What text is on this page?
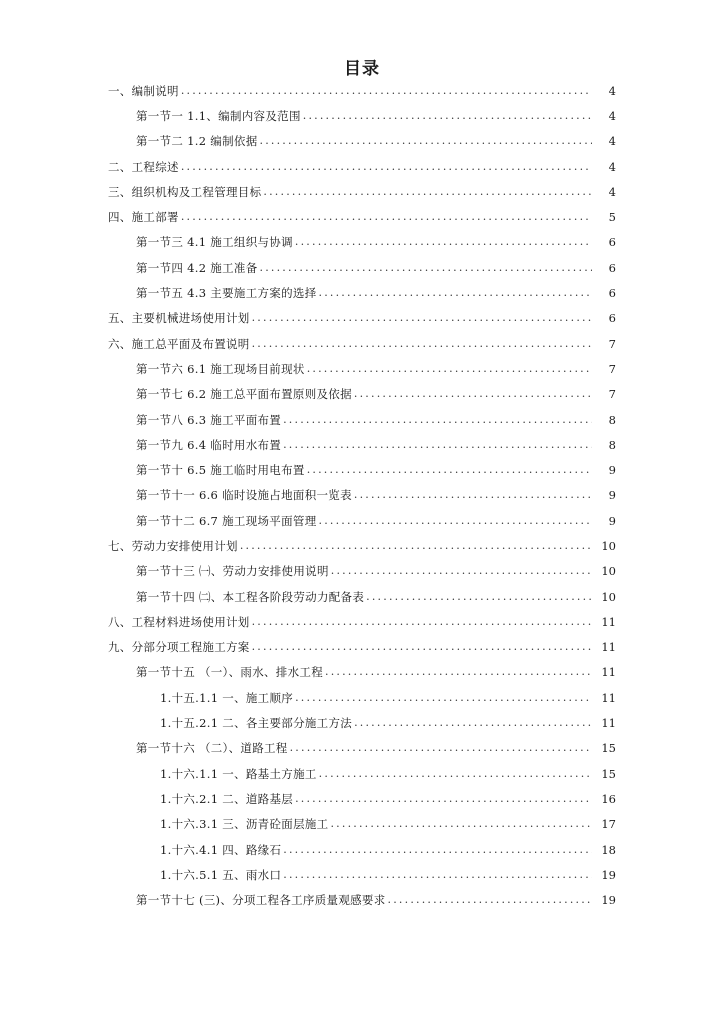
目录
一、编制说明 .....	4
第一节一 1.1、编制内容及范围 .....	4
第一节二 1.2 编制依据 .....	4
二、工程综述 .....	4
三、组织机构及工程管理目标 .....	4
四、施工部署 .....	5
第一节三 4.1 施工组织与协调 .....	6
第一节四 4.2 施工准备 .....	6
第一节五 4.3 主要施工方案的选择 .....	6
五、主要机械进场使用计划 .....	6
六、施工总平面及布置说明 .....	7
第一节六 6.1 施工现场目前现状 .....	7
第一节七 6.2 施工总平面布置原则及依据 .....	7
第一节八 6.3 施工平面布置 .....	8
第一节九 6.4 临时用水布置 .....	8
第一节十 6.5 施工临时用电布置 .....	9
第一节十一 6.6 临时设施占地面积一览表 .....	9
第一节十二 6.7 施工现场平面管理 .....	9
七、劳动力安排使用计划 .....	10
第一节十三 ㈠、劳动力安排使用说明 .....	10
第一节十四 ㈡、本工程各阶段劳动力配备表 .....	10
八、工程材料进场使用计划 .....	11
九、分部分项工程施工方案 .....	11
第一节十五 （一）、雨水、排水工程 .....	11
1.十五.1.1 一、施工顺序 .....	11
1.十五.2.1 二、各主要部分施工方法 .....	11
第一节十六 （二）、道路工程 .....	15
1.十六.1.1 一、路基土方施工 .....	15
1.十六.2.1 二、道路基层 .....	16
1.十六.3.1 三、沥青砼面层施工 .....	17
1.十六.4.1 四、路缘石 .....	18
1.十六.5.1 五、雨水口 .....	19
第一节十七 (三)、分项工程各工序质量观感要求 .....	19
